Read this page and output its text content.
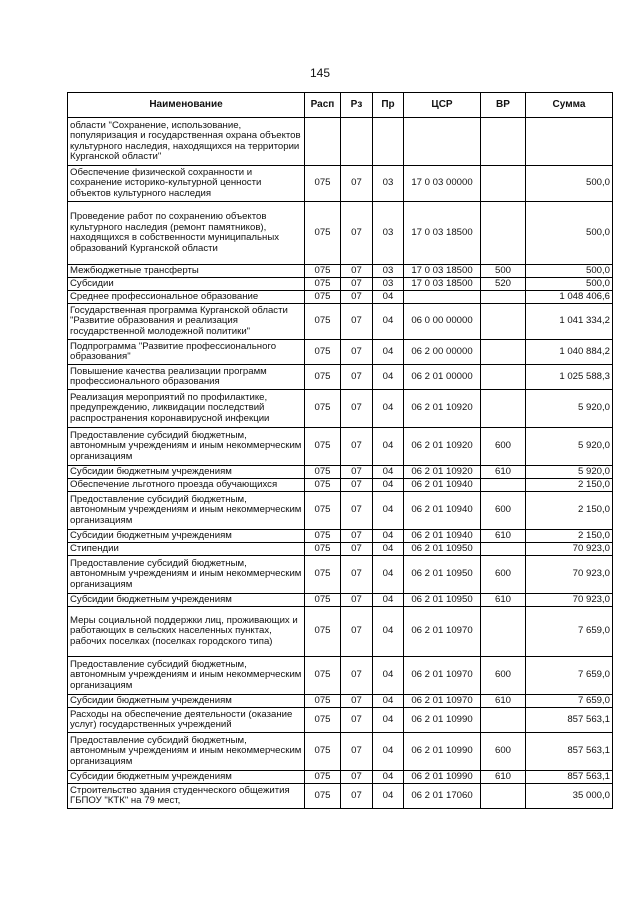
145
Наименование	Расп	Рз	Пр	ЦСР	ВР	Сумма
области "Сохранение, использование, популяризация и государственная охрана объектов культурного наследия, находящихся на территории Курганской области"						
Обеспечение физической сохранности и сохранение историко-культурной ценности объектов культурного наследия	075	07	03	17 0 03 00000		500,0
Проведение работ по сохранению объектов культурного наследия (ремонт памятников), находящихся в собственности муниципальных образований Курганской области	075	07	03	17 0 03 18500		500,0
Межбюджетные трансферты	075	07	03	17 0 03 18500	500	500,0
Субсидии	075	07	03	17 0 03 18500	520	500,0
Среднее профессиональное образование	075	07	04			1 048 406,6
Государственная программа Курганской области "Развитие образования и реализация государственной молодежной политики"	075	07	04	06 0 00 00000		1 041 334,2
Подпрограмма "Развитие профессионального образования"	075	07	04	06 2 00 00000		1 040 884,2
Повышение качества реализации программ профессионального образования	075	07	04	06 2 01 00000		1 025 588,3
Реализация мероприятий по профилактике, предупреждению, ликвидации последствий распространения коронавирусной инфекции	075	07	04	06 2 01 10920		5 920,0
Предоставление субсидий бюджетным, автономным учреждениям и иным некоммерческим организациям	075	07	04	06 2 01 10920	600	5 920,0
Субсидии бюджетным учреждениям	075	07	04	06 2 01 10920	610	5 920,0
Обеспечение льготного проезда обучающихся	075	07	04	06 2 01 10940		2 150,0
Предоставление субсидий бюджетным, автономным учреждениям и иным некоммерческим организациям	075	07	04	06 2 01 10940	600	2 150,0
Субсидии бюджетным учреждениям	075	07	04	06 2 01 10940	610	2 150,0
Стипендии	075	07	04	06 2 01 10950		70 923,0
Предоставление субсидий бюджетным, автономным учреждениям и иным некоммерческим организациям	075	07	04	06 2 01 10950	600	70 923,0
Субсидии бюджетным учреждениям	075	07	04	06 2 01 10950	610	70 923,0
Меры социальной поддержки лиц, проживающих и работающих в сельских населенных пунктах, рабочих поселках (поселках городского типа)	075	07	04	06 2 01 10970		7 659,0
Предоставление субсидий бюджетным, автономным учреждениям и иным некоммерческим организациям	075	07	04	06 2 01 10970	600	7 659,0
Субсидии бюджетным учреждениям	075	07	04	06 2 01 10970	610	7 659,0
Расходы на обеспечение деятельности (оказание услуг) государственных учреждений	075	07	04	06 2 01 10990		857 563,1
Предоставление субсидий бюджетным, автономным учреждениям и иным некоммерческим организациям	075	07	04	06 2 01 10990	600	857 563,1
Субсидии бюджетным учреждениям	075	07	04	06 2 01 10990	610	857 563,1
Строительство здания студенческого общежития ГБПОУ "КТК" на 79 мест,	075	07	04	06 2 01 17060		35 000,0
